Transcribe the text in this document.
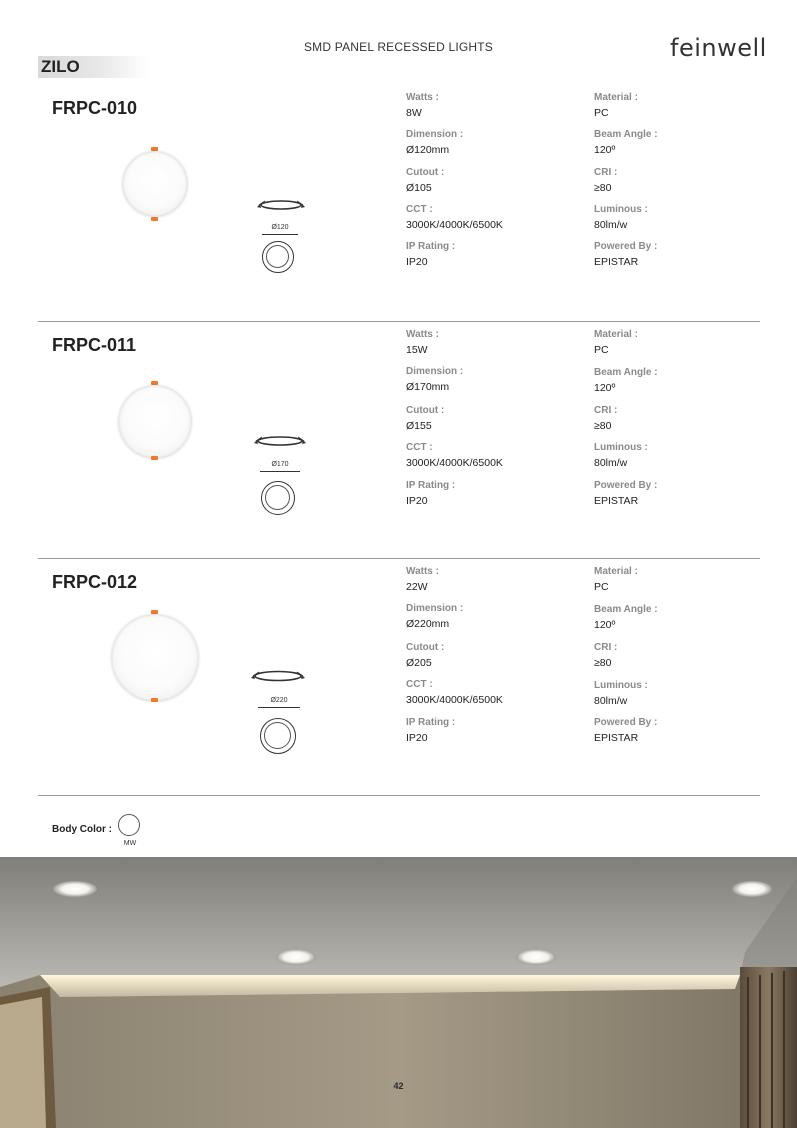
SMD PANEL RECESSED LIGHTS	feinwell
ZILO
FRPC-010
Ø120
Watts :
8W
Dimension :
Ø120mm
Cutout :
Ø105
CCT :
3000K/4000K/6500K
IP Rating :
IP20
Material :
PC
Beam Angle :
120º
CRI :
≥80
Luminous :
80lm/w
Powered By :
EPISTAR
FRPC-011
Ø170
Watts :
15W
Dimension :
Ø170mm
Cutout :
Ø155
CCT :
3000K/4000K/6500K
IP Rating :
IP20
Material :
PC
Beam Angle :
120º
CRI :
≥80
Luminous :
80lm/w
Powered By :
EPISTAR
FRPC-012
Ø220
Watts :
22W
Dimension :
Ø220mm
Cutout :
Ø205
CCT :
3000K/4000K/6500K
IP Rating :
IP20
Material :
PC
Beam Angle :
120º
CRI :
≥80
Luminous :
80lm/w
Powered By :
EPISTAR
Body Color :
MW
42
